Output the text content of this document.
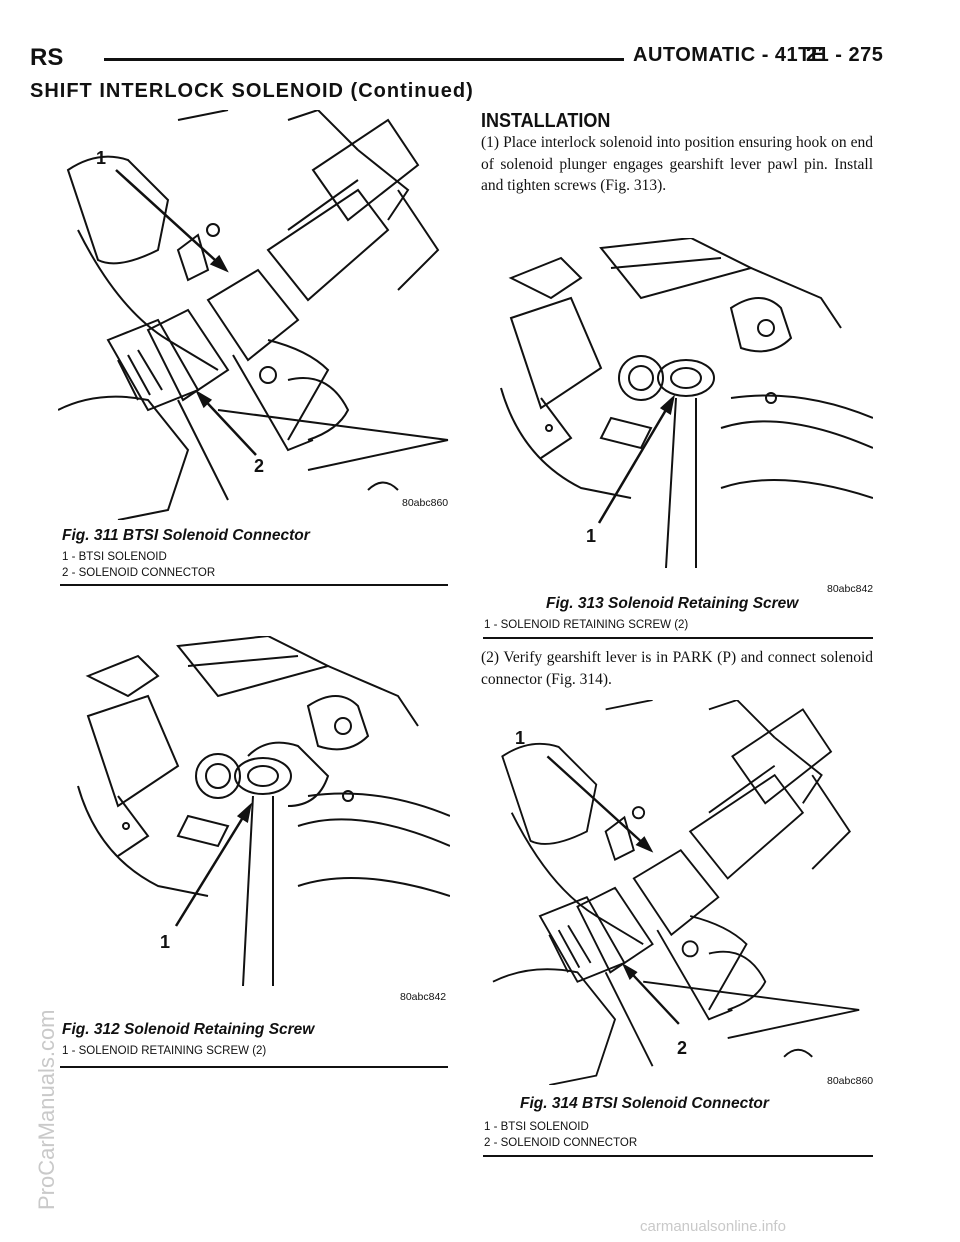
RS	AUTOMATIC - 41TE
21 - 275
SHIFT INTERLOCK SOLENOID (Continued)
1
2
80abc860
Fig. 311 BTSI Solenoid Connector
1 - BTSI SOLENOID
2 - SOLENOID CONNECTOR
1
80abc842
Fig. 312 Solenoid Retaining Screw
1 - SOLENOID RETAINING SCREW (2)
INSTALLATION
(1) Place interlock solenoid into position ensuring hook on end of solenoid plunger engages gearshift lever pawl pin. Install and tighten screws (Fig. 313).
1
80abc842
Fig. 313 Solenoid Retaining Screw
1 - SOLENOID RETAINING SCREW (2)
(2) Verify gearshift lever is in PARK (P) and connect solenoid connector (Fig. 314).
1
2
80abc860
Fig. 314 BTSI Solenoid Connector
1 - BTSI SOLENOID
2 - SOLENOID CONNECTOR
ProCarManuals.com
carmanualsonline.info
